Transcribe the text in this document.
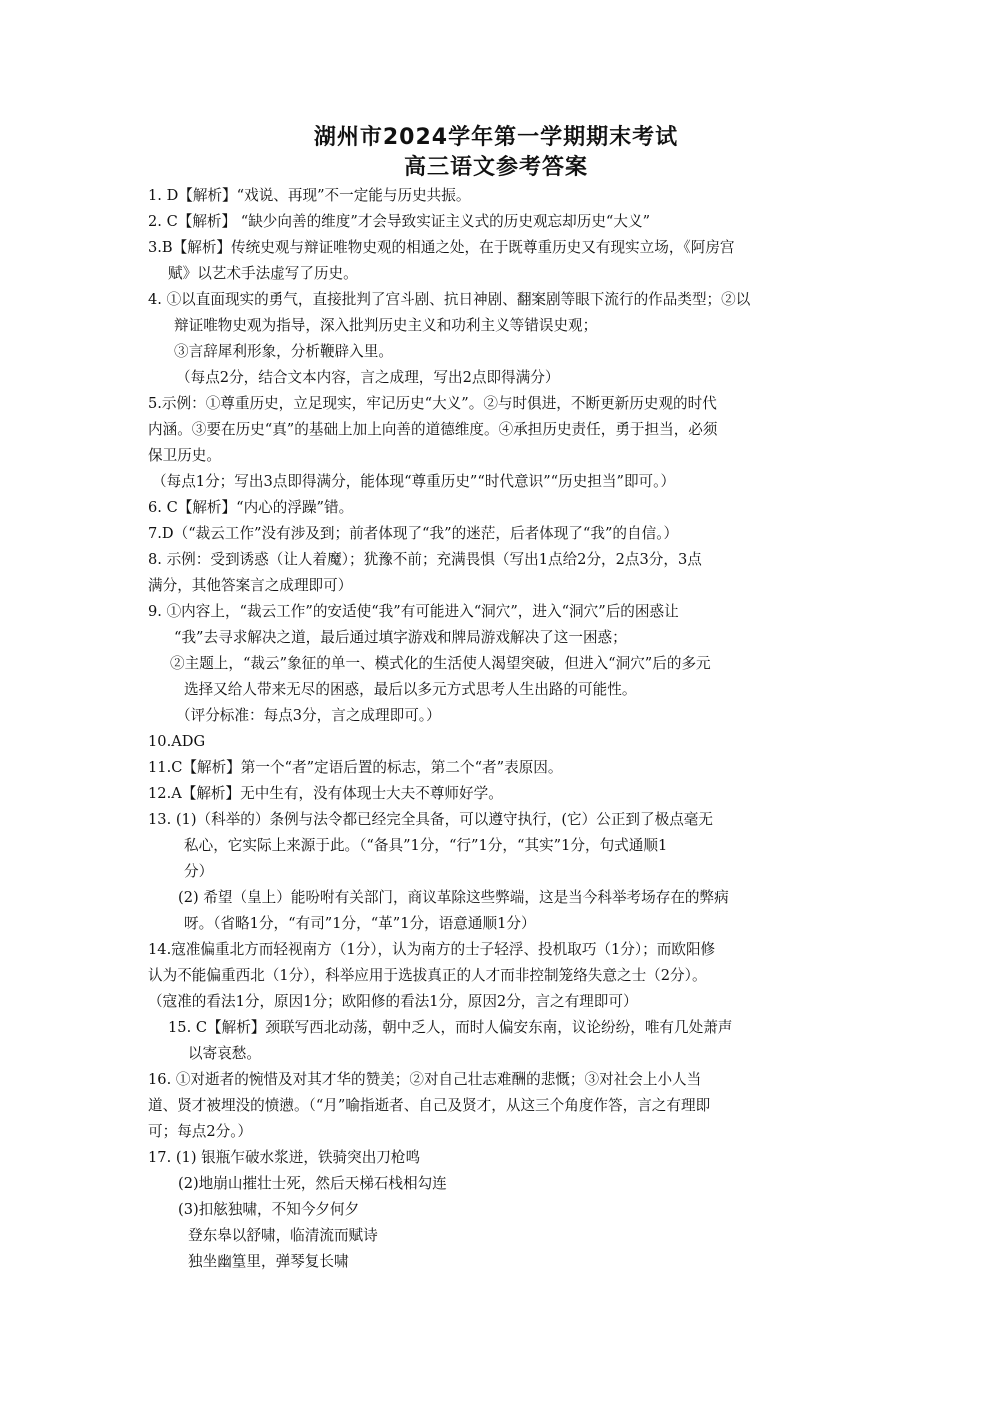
湖州市2024学年第一学期期末考试
高三语文参考答案
1. D【解析】“戏说、再现”不一定能与历史共振。
2. C【解析】 “缺少向善的维度”才会导致实证主义式的历史观忘却历史“大义”
3.B【解析】传统史观与辩证唯物史观的相通之处，在于既尊重历史又有现实立场，《阿房宫
赋》以艺术手法虚写了历史。
4. ①以直面现实的勇气，直接批判了宫斗剧、抗日神剧、翻案剧等眼下流行的作品类型；②以
辩证唯物史观为指导，深入批判历史主义和功利主义等错误史观；
③言辞犀利形象，分析鞭辟入里。
（每点2分，结合文本内容，言之成理，写出2点即得满分）
5.示例：①尊重历史，立足现实，牢记历史“大义”。②与时俱进，不断更新历史观的时代
内涵。③要在历史“真”的基础上加上向善的道德维度。④承担历史责任，勇于担当，必须
保卫历史。
（每点1分；写出3点即得满分，能体现“尊重历史”“时代意识”“历史担当”即可。）
6. C【解析】“内心的浮躁”错。
7.D（“裁云工作”没有涉及到；前者体现了“我”的迷茫，后者体现了“我”的自信。）
8. 示例：受到诱惑（让人着魔）；犹豫不前；充满畏惧（写出1点给2分，2点3分，3点
满分，其他答案言之成理即可）
9. ①内容上，“裁云工作”的安适使“我”有可能进入“洞穴”，进入“洞穴”后的困惑让
“我”去寻求解决之道，最后通过填字游戏和牌局游戏解决了这一困惑；
②主题上，“裁云”象征的单一、模式化的生活使人渴望突破，但进入“洞穴”后的多元
选择又给人带来无尽的困惑，最后以多元方式思考人生出路的可能性。
（评分标准：每点3分，言之成理即可。）
10.ADG
11.C【解析】第一个“者”定语后置的标志，第二个“者”表原因。
12.A【解析】无中生有，没有体现士大夫不尊师好学。
13. (1)（科举的）条例与法令都已经完全具备，可以遵守执行，(它）公正到了极点毫无
私心，它实际上来源于此。（“备具”1分，“行”1分，“其实”1分，句式通顺1
分）
(2) 希望（皇上）能吩咐有关部门，商议革除这些弊端，这是当今科举考场存在的弊病
呀。（省略1分，“有司”1分，“革”1分，语意通顺1分）
14.寇准偏重北方而轻视南方（1分），认为南方的士子轻浮、投机取巧（1分）；而欧阳修
认为不能偏重西北（1分），科举应用于选拔真正的人才而非控制笼络失意之士（2分）。
（寇准的看法1分，原因1分；欧阳修的看法1分，原因2分，言之有理即可）
15. C【解析】颈联写西北动荡，朝中乏人，而时人偏安东南，议论纷纷，唯有几处萧声
以寄哀愁。
16. ①对逝者的惋惜及对其才华的赞美；②对自己壮志难酬的悲慨；③对社会上小人当
道、贤才被埋没的愤懑。（“月”喻指逝者、自己及贤才，从这三个角度作答，言之有理即
可；每点2分。）
17. (1) 银瓶乍破水浆迸，铁骑突出刀枪鸣
(2)地崩山摧壮士死，然后天梯石栈相勾连
(3)扣舷独啸，不知今夕何夕
登东皋以舒啸，临清流而赋诗
独坐幽篁里，弹琴复长啸
